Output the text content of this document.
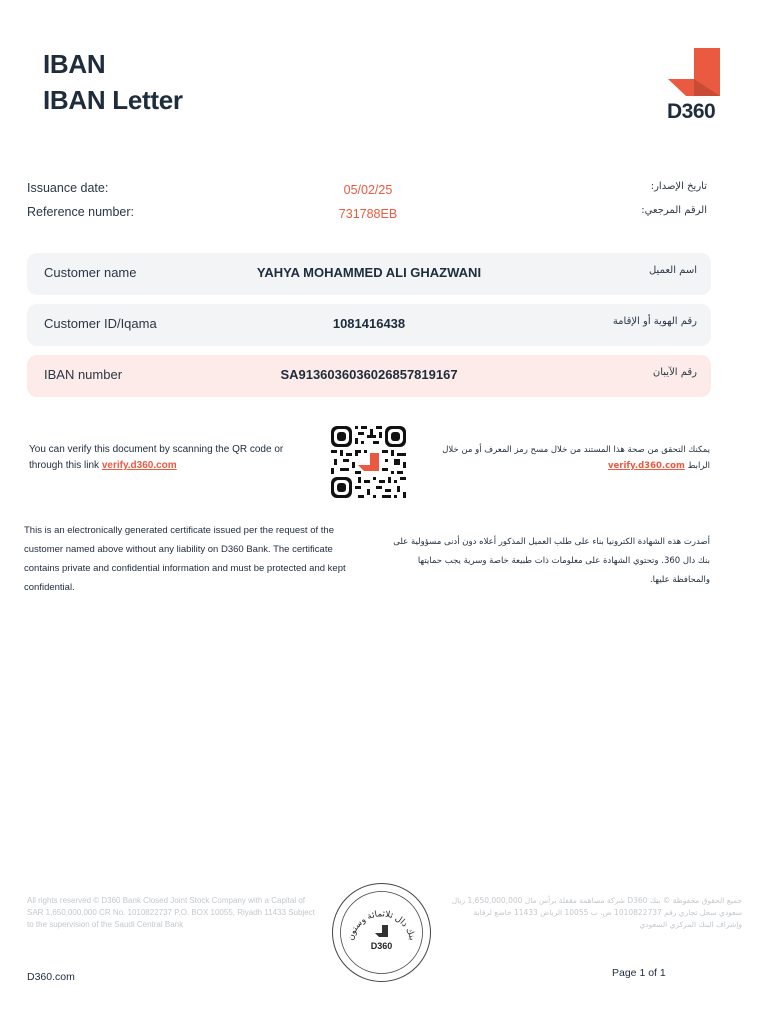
IBAN
IBAN Letter	D360
Issuance date:	05/02/25	تاريخ الإصدار:
Reference number:	731788EB	الرقم المرجعي:
Customer name	YAHYA MOHAMMED ALI GHAZWANI	اسم العميل
Customer ID/Iqama	1081416438	رقم الهوية أو الإقامة
IBAN number	SA9136036036026857819167	رقم الآيبان
You can verify this document by scanning the QR code or through this link verify.d360.com
يمكنك التحقق من صحة هذا المستند من خلال مسح رمز المعرف أو من خلال الرابط verify.d360.com
This is an electronically generated certificate issued per the request of the customer named above without any liability on D360 Bank. The certificate contains private and confidential information and must be protected and kept confidential.
أصدرت هذه الشهادة الكترونيا بناء على طلب العميل المذكور أعلاه دون أدنى مسؤولية على بنك دال 360. وتحتوي الشهادة على معلومات ذات طبيعة خاصة وسرية يجب حمايتها والمحافظة عليها.
All rights reserved © D360 Bank Closed Joint Stock Company with a Capital of SAR 1,650,000,000 CR No. 1010822737 P.O. BOX 10055, Riyadh 11433 Subject to the supervision of the Saudi Central Bank
جميع الحقوق محفوظة © بنك D360 شركة مساهمة مقفلة برأس مال 1,650,000,000 ريال سعودي سجل تجاري رقم 1010822737 ص. ب 10055 الرياض 11433 خاضع لرقابة وإشراف البنك المركزي السعودي
بنك دال ثلاثمائة وستون
D360
D360.com	Page 1 of 1
